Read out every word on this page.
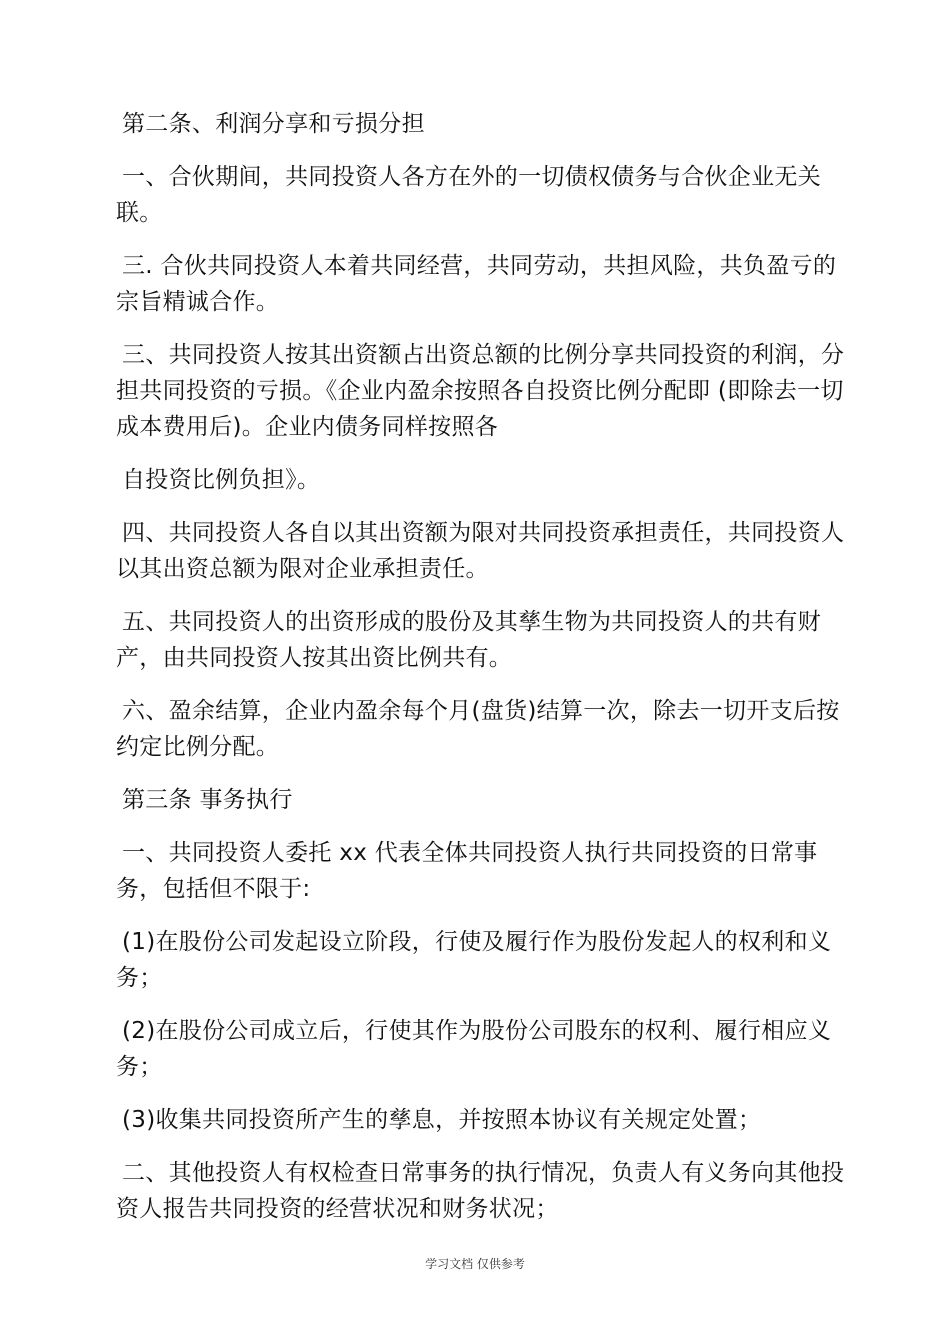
第二条、利润分享和亏损分担

一、合伙期间，共同投资人各方在外的一切债权债务与合伙企业无关联。

三. 合伙共同投资人本着共同经营，共同劳动，共担风险，共负盈亏的宗旨精诚合作。

三、共同投资人按其出资额占出资总额的比例分享共同投资的利润，分担共同投资的亏损。《企业内盈余按照各自投资比例分配即 (即除去一切成本费用后)。企业内债务同样按照各

自投资比例负担》。

四、共同投资人各自以其出资额为限对共同投资承担责任，共同投资人以其出资总额为限对企业承担责任。

五、共同投资人的出资形成的股份及其孳生物为共同投资人的共有财产，由共同投资人按其出资比例共有。

六、盈余结算，企业内盈余每个月(盘货)结算一次，除去一切开支后按约定比例分配。

第三条 事务执行

一、共同投资人委托 xx 代表全体共同投资人执行共同投资的日常事务，包括但不限于:

(1)在股份公司发起设立阶段，行使及履行作为股份发起人的权利和义务；

(2)在股份公司成立后，行使其作为股份公司股东的权利、履行相应义务；

(3)收集共同投资所产生的孳息，并按照本协议有关规定处置；

二、其他投资人有权检查日常事务的执行情况，负责人有义务向其他投资人报告共同投资的经营状况和财务状况；

学习文档 仅供参考
